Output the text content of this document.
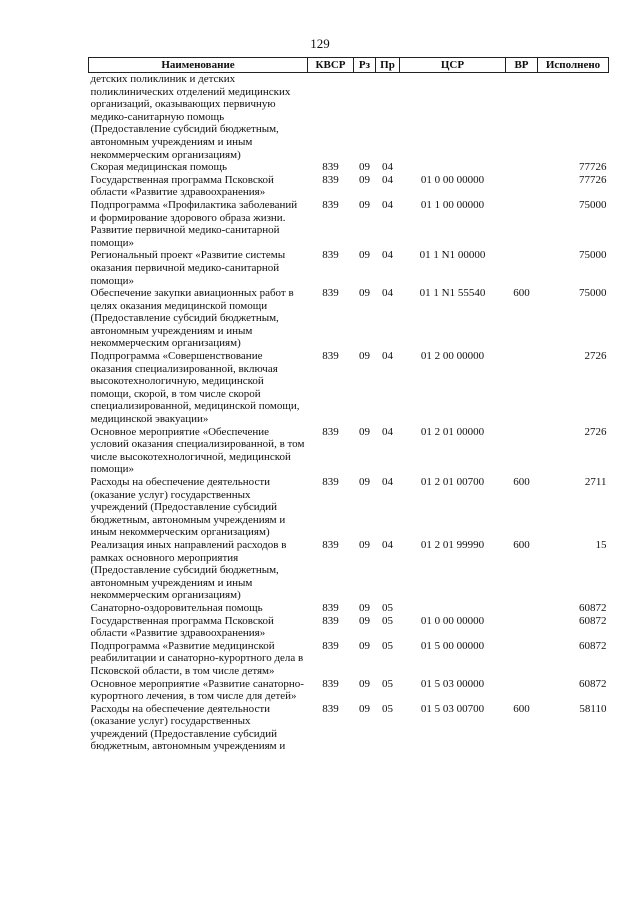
129
Наименование	КВСР	Рз	Пр	ЦСР	ВР	Исполнено
детских поликлиник и детских поликлинических отделений медицинских организаций, оказывающих первичную медико-санитарную помощь (Предоставление субсидий бюджетным, автономным учреждениям и иным некоммерческим организациям)						
Скорая медицинская помощь	839	09	04			77726
Государственная программа Псковской области «Развитие здравоохранения»	839	09	04	01 0 00 00000		77726
Подпрограмма «Профилактика заболеваний и формирование здорового образа жизни. Развитие первичной медико-санитарной помощи»	839	09	04	01 1 00 00000		75000
Региональный проект «Развитие системы оказания первичной медико-санитарной помощи»	839	09	04	01 1 N1 00000		75000
Обеспечение закупки авиационных работ в целях оказания медицинской помощи (Предоставление субсидий бюджетным, автономным учреждениям и иным некоммерческим организациям)	839	09	04	01 1 N1 55540	600	75000
Подпрограмма «Совершенствование оказания специализированной, включая высокотехнологичную, медицинской помощи, скорой, в том числе скорой специализированной, медицинской помощи, медицинской эвакуации»	839	09	04	01 2 00 00000		2726
Основное мероприятие «Обеспечение условий оказания специализированной, в том числе высокотехнологичной, медицинской помощи»	839	09	04	01 2 01 00000		2726
Расходы на обеспечение деятельности (оказание услуг) государственных учреждений (Предоставление субсидий бюджетным, автономным учреждениям и иным некоммерческим организациям)	839	09	04	01 2 01 00700	600	2711
Реализация иных направлений расходов в рамках основного мероприятия (Предоставление субсидий бюджетным, автономным учреждениям и иным некоммерческим организациям)	839	09	04	01 2 01 99990	600	15
Санаторно-оздоровительная помощь	839	09	05			60872
Государственная программа Псковской области «Развитие здравоохранения»	839	09	05	01 0 00 00000		60872
Подпрограмма «Развитие медицинской реабилитации и санаторно-курортного дела в Псковской области, в том числе детям»	839	09	05	01 5 00 00000		60872
Основное мероприятие «Развитие санаторно-курортного лечения, в том числе для детей»	839	09	05	01 5 03 00000		60872
Расходы на обеспечение деятельности (оказание услуг) государственных учреждений (Предоставление субсидий бюджетным, автономным учреждениям и	839	09	05	01 5 03 00700	600	58110
